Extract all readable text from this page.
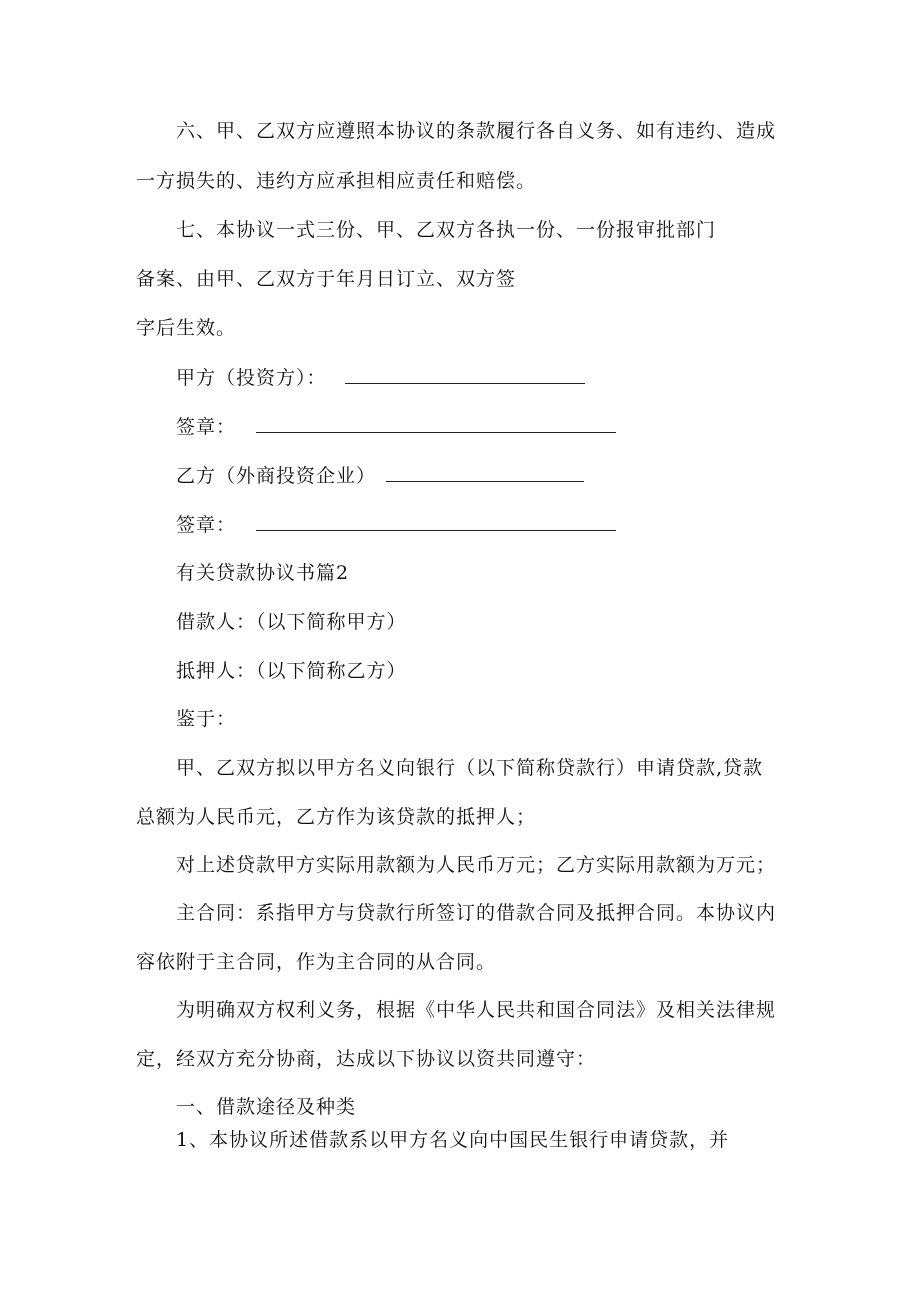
六、甲、乙双方应遵照本协议的条款履行各自义务、如有违约、造成
一方损失的、违约方应承担相应责任和赔偿。
七、本协议一式三份、甲、乙双方各执一份、一份报审批部门
备案、由甲、乙双方于年月日订立、双方签
字后生效。
甲方（投资方）：
签章：
乙方（外商投资企业）
签章：
有关贷款协议书篇2
借款人：（以下简称甲方）
抵押人：（以下简称乙方）
鉴于：
甲、乙双方拟以甲方名义向银行（以下简称贷款行）申请贷款,贷款
总额为人民币元，乙方作为该贷款的抵押人；
对上述贷款甲方实际用款额为人民币万元；乙方实际用款额为万元；
主合同：系指甲方与贷款行所签订的借款合同及抵押合同。本协议内
容依附于主合同，作为主合同的从合同。
为明确双方权利义务，根据《中华人民共和国合同法》及相关法律规
定，经双方充分协商，达成以下协议以资共同遵守：
一、借款途径及种类
1、本协议所述借款系以甲方名义向中国民生银行申请贷款，并
